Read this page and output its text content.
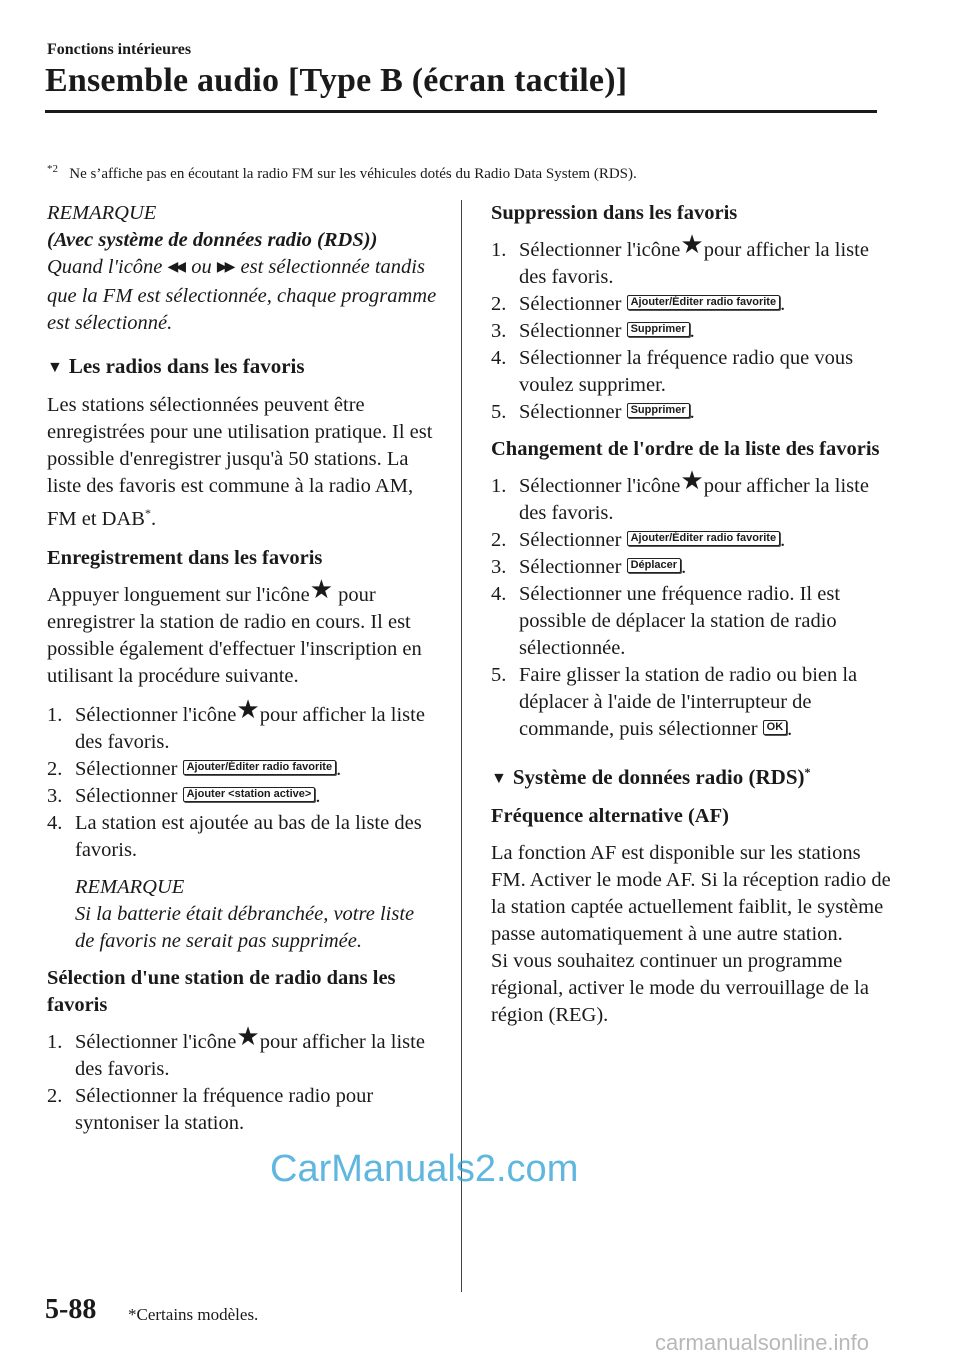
Fonctions intérieures
Ensemble audio [Type B (écran tactile)]
$^{*2}$ Ne s’affiche pas en écoutant la radio FM sur les véhicules dotés du Radio Data System (RDS).

REMARQUE

(Avec système de données radio (RDS))

Quand l'icône ◀◀ ou ▶▶ est sélectionnée tandis que la FM est sélectionnée, chaque programme est sélectionné.

▼ Les radios dans les favoris

Les stations sélectionnées peuvent être enregistrées pour une utilisation pratique. Il est possible d'enregistrer jusqu'à 50 stations. La liste des favoris est commune à la radio AM, FM et DAB*.

Enregistrement dans les favoris

Appuyer longuement sur l'icône★ pour enregistrer la station de radio en cours. Il est possible également d'effectuer l'inscription en utilisant la procédure suivante.

1. Sélectionner l'icône★pour afficher la liste des favoris.
2. Sélectionner Ajouter/Éditer radio favorite .
3. Sélectionner Ajouter <station active> .
4. La station est ajoutée au bas de la liste des favoris.

REMARQUE

Si la batterie était débranchée, votre liste de favoris ne serait pas supprimée.

Sélection d'une station de radio dans les favoris
1. Sélectionner l'icône★pour afficher la liste des favoris.
2. Sélectionner la fréquence radio pour syntoniser la station.
Suppression dans les favoris
1. Sélectionner l'icône★pour afficher la liste des favoris.
2. Sélectionner Ajouter/Éditer radio favorite .
3. Sélectionner Supprimer .
4. Sélectionner la fréquence radio que vous voulez supprimer.
5. Sélectionner Supprimer .
Changement de l'ordre de la liste des favoris
1. Sélectionner l'icône★pour afficher la liste des favoris.
2. Sélectionner Ajouter/Éditer radio favorite .
3. Sélectionner Déplacer .
4. Sélectionner une fréquence radio. Il est possible de déplacer la station de radio sélectionnée.
5. Faire glisser la station de radio ou bien la déplacer à l'aide de l'interrupteur de commande, puis sélectionner OK .
▼ Système de données radio (RDS)*
Fréquence alternative (AF)

La fonction AF est disponible sur les stations FM. Activer le mode AF. Si la réception radio de la station captée actuellement faiblit, le système passe automatiquement à une autre station.

Si vous souhaitez continuer un programme régional, activer le mode du verrouillage de la région (REG).

5-88 *Certains modèles.
CarManuals2.com
carmanualsonline.info
